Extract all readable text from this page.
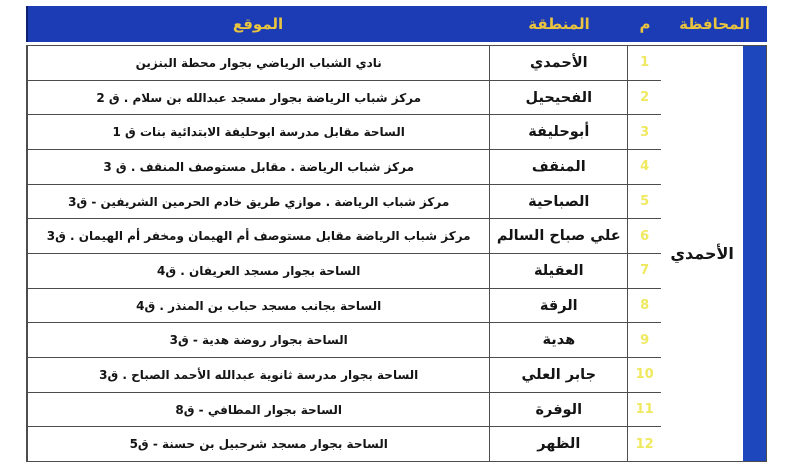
المحافظة
م
المنطقة
الموقع
الأحمدي
1
2
3
4
5
6
7
8
9
10
11
12
الأحمدي
الفحيحيل
أبوحليفة
المنقف
الصباحية
علي صباح السالم
العقيلة
الرقة
هدية
جابر العلي
الوفرة
الظهر
نادي الشباب الرياضي بجوار محطة البنزين
مركز شباب الرياضة بجوار مسجد عبدالله بن سلام . ق 2
الساحة مقابل مدرسة ابوحليفة الابتدائية بنات ق 1
مركز شباب الرياضة . مقابل مستوصف المنقف . ق 3
مركز شباب الرياضة . موازي طريق خادم الحرمين الشريفين - ق3
مركز شباب الرياضة مقابل مستوصف أم الهيمان ومخفر أم الهيمان . ق3
الساحة بجوار مسجد العريفان . ق4
الساحة بجانب مسجد حباب بن المنذر . ق4
الساحة بجوار روضة هدية - ق3
الساحة بجوار مدرسة ثانوية عبدالله الأحمد الصباح . ق3
الساحة بجوار المطافي - ق8
الساحة بجوار مسجد شرحبيل بن حسنة - ق5
